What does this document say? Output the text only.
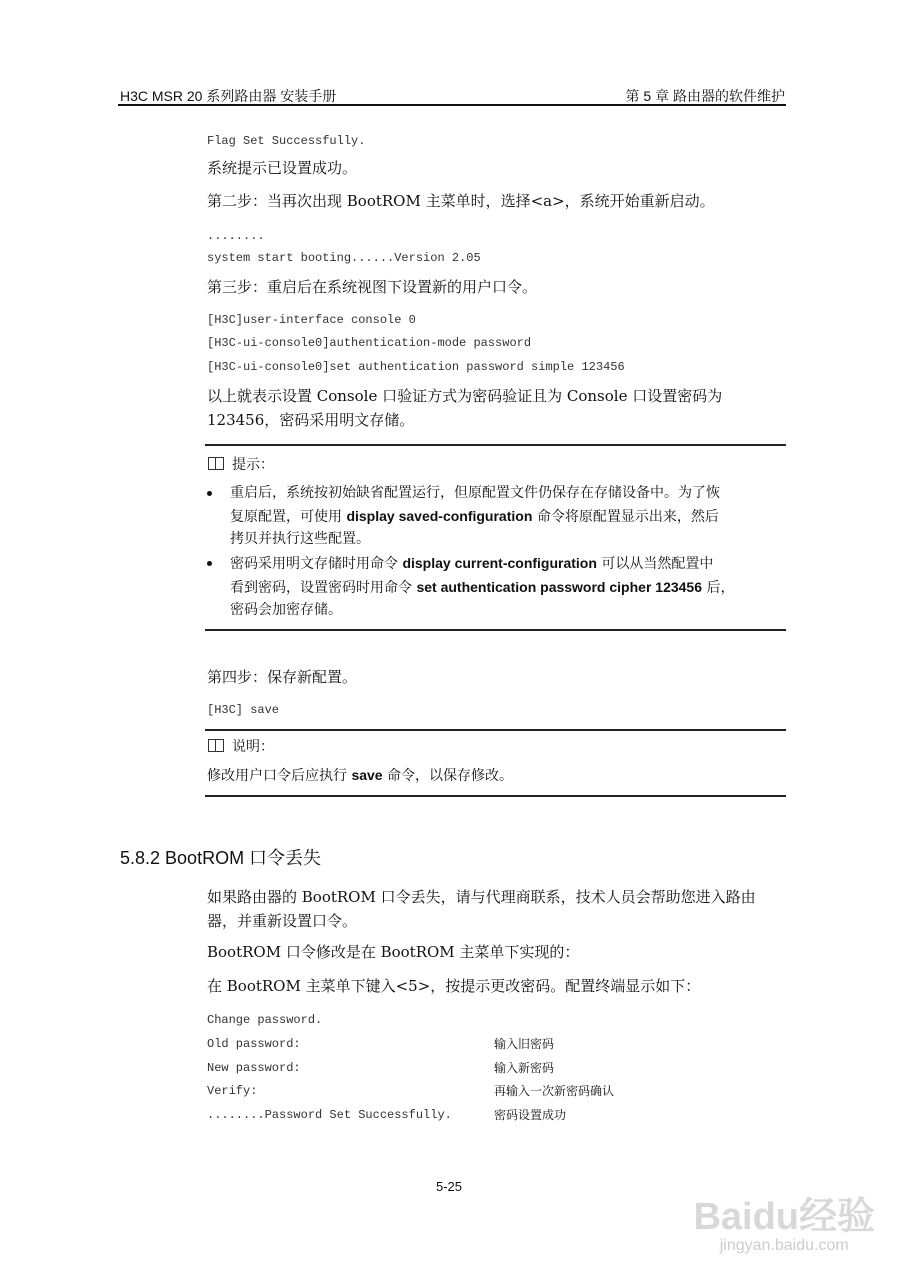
H3C MSR 20 系列路由器 安装手册	第 5 章 路由器的软件维护
Flag Set Successfully.
系统提示已设置成功。
第二步：当再次出现 BootROM 主菜单时，选择<a>，系统开始重新启动。
........
system start booting......Version 2.05
第三步：重启后在系统视图下设置新的用户口令。
[H3C]user-interface console 0
[H3C-ui-console0]authentication-mode password
[H3C-ui-console0]set authentication password simple 123456
以上就表示设置 Console 口验证方式为密码验证且为 Console 口设置密码为
123456，密码采用明文存储。
提示：
重启后，系统按初始缺省配置运行，但原配置文件仍保存在存储设备中。为了恢
复原配置，可使用 display saved-configuration 命令将原配置显示出来，然后
拷贝并执行这些配置。
密码采用明文存储时用命令 display current-configuration 可以从当然配置中
看到密码，设置密码时用命令 set authentication password cipher 123456 后，
密码会加密存储。
第四步：保存新配置。
[H3C] save
说明：
修改用户口令后应执行 save 命令，以保存修改。
5.8.2 BootROM 口令丢失
如果路由器的 BootROM 口令丢失，请与代理商联系，技术人员会帮助您进入路由
器，并重新设置口令。
BootROM 口令修改是在 BootROM 主菜单下实现的：
在 BootROM 主菜单下键入<5>，按提示更改密码。配置终端显示如下：
Change password.
Old password:	输入旧密码
New password:	输入新密码
Verify:	再输入一次新密码确认
........Password Set Successfully.	密码设置成功
5-25
Baidu经验
jingyan.baidu.com
